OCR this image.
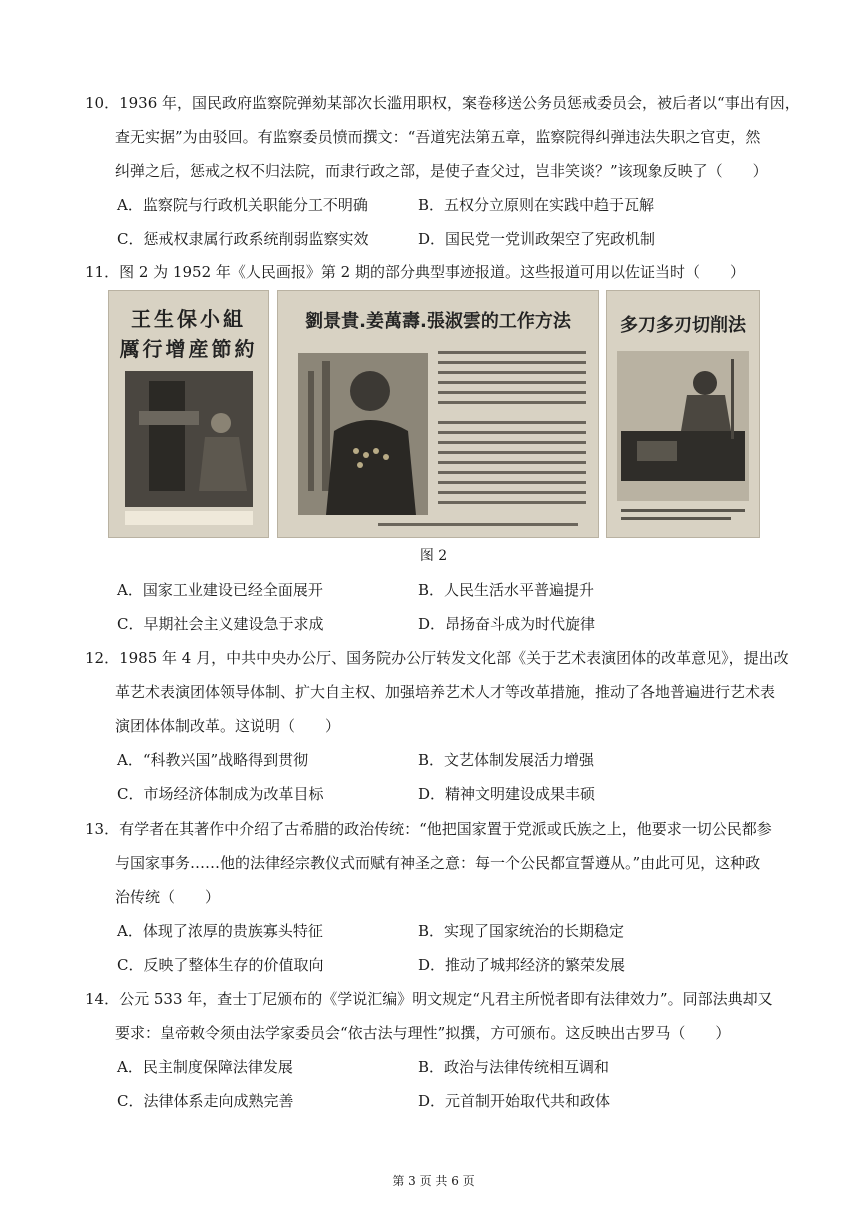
10．1936 年，国民政府监察院弹劾某部次长滥用职权，案卷移送公务员惩戒委员会，被后者以“事出有因，

查无实据”为由驳回。有监察委员愤而撰文：“吾道宪法第五章，监察院得纠弹违法失职之官吏，然

纠弹之后，惩戒之权不归法院，而隶行政之部，是使子查父过，岂非笑谈？”该现象反映了（　　）

A．监察院与行政机关职能分工不明确	B．五权分立原则在实践中趋于瓦解
C．惩戒权隶属行政系统削弱监察实效	D．国民党一党训政架空了宪政机制

11．图 2 为 1952 年《人民画报》第 2 期的部分典型事迹报道。这些报道可用以佐证当时（　　）

王生保小組
厲行增産節約
劉景貴.姜萬壽.張淑雲的工作方法	多刀多刃切削法
图 2
A．国家工业建设已经全面展开	B．人民生活水平普遍提升
C．早期社会主义建设急于求成	D．昂扬奋斗成为时代旋律

12．1985 年 4 月，中共中央办公厅、国务院办公厅转发文化部《关于艺术表演团体的改革意见》，提出改

革艺术表演团体领导体制、扩大自主权、加强培养艺术人才等改革措施，推动了各地普遍进行艺术表

演团体体制改革。这说明（　　）

A．“科教兴国”战略得到贯彻	B．文艺体制发展活力增强
C．市场经济体制成为改革目标	D．精神文明建设成果丰硕

13．有学者在其著作中介绍了古希腊的政治传统：“他把国家置于党派或氏族之上，他要求一切公民都参

与国家事务……他的法律经宗教仪式而赋有神圣之意：每一个公民都宣誓遵从。”由此可见，这种政

治传统（　　）

A．体现了浓厚的贵族寡头特征	B．实现了国家统治的长期稳定
C．反映了整体生存的价值取向	D．推动了城邦经济的繁荣发展

14．公元 533 年，查士丁尼颁布的《学说汇编》明文规定“凡君主所悦者即有法律效力”。同部法典却又

要求：皇帝敕令须由法学家委员会“依古法与理性”拟撰，方可颁布。这反映出古罗马（　　）

A．民主制度保障法律发展	B．政治与法律传统相互调和
C．法律体系走向成熟完善	D．元首制开始取代共和政体
第 3 页 共 6 页
